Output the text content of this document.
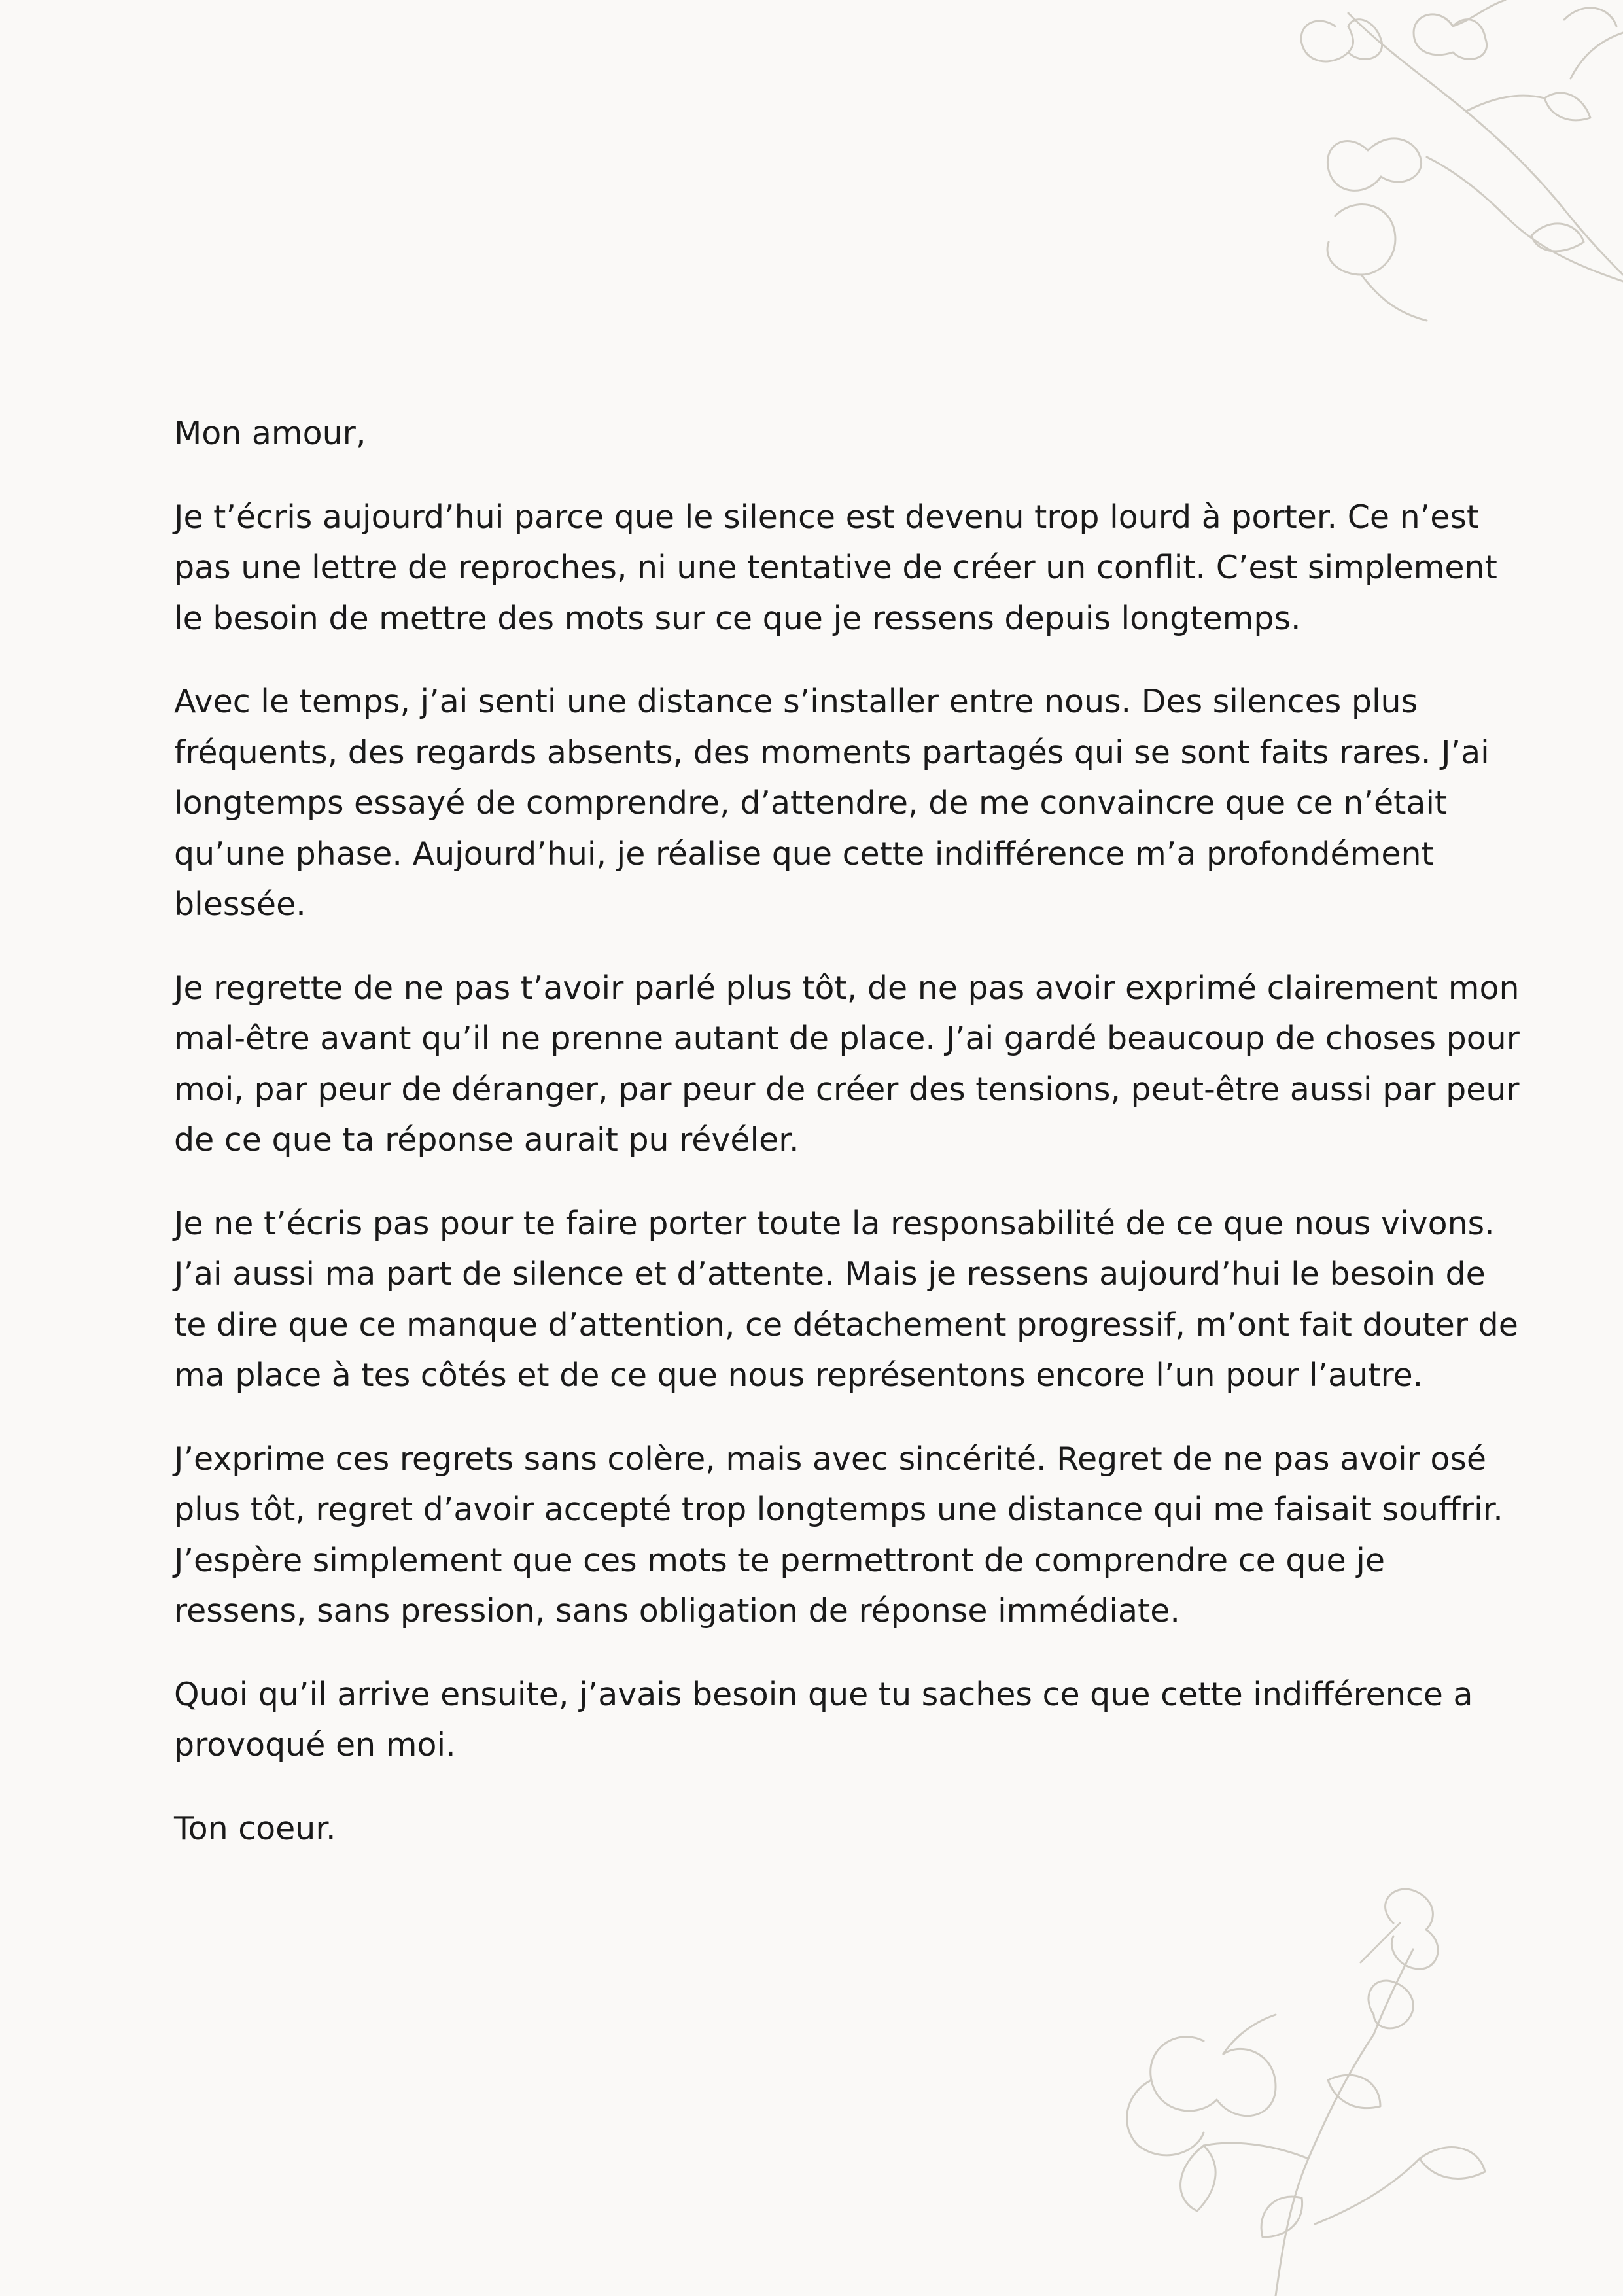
Mon amour,

Je t’écris aujourd’hui parce que le silence est devenu trop lourd à porter. Ce n’est pas une lettre de reproches, ni une tentative de créer un conflit. C’est simplement le besoin de mettre des mots sur ce que je ressens depuis longtemps.

Avec le temps, j’ai senti une distance s’installer entre nous. Des silences plus fréquents, des regards absents, des moments partagés qui se sont faits rares. J’ai longtemps essayé de comprendre, d’attendre, de me convaincre que ce n’était qu’une phase. Aujourd’hui, je réalise que cette indifférence m’a profondément blessée.

Je regrette de ne pas t’avoir parlé plus tôt, de ne pas avoir exprimé clairement mon mal-être avant qu’il ne prenne autant de place. J’ai gardé beaucoup de choses pour moi, par peur de déranger, par peur de créer des tensions, peut-être aussi par peur de ce que ta réponse aurait pu révéler.

Je ne t’écris pas pour te faire porter toute la responsabilité de ce que nous vivons. J’ai aussi ma part de silence et d’attente. Mais je ressens aujourd’hui le besoin de te dire que ce manque d’attention, ce détachement progressif, m’ont fait douter de ma place à tes côtés et de ce que nous représentons encore l’un pour l’autre.

J’exprime ces regrets sans colère, mais avec sincérité. Regret de ne pas avoir osé plus tôt, regret d’avoir accepté trop longtemps une distance qui me faisait souffrir. J’espère simplement que ces mots te permettront de comprendre ce que je ressens, sans pression, sans obligation de réponse immédiate.

Quoi qu’il arrive ensuite, j’avais besoin que tu saches ce que cette indifférence a provoqué en moi.

Ton coeur.
